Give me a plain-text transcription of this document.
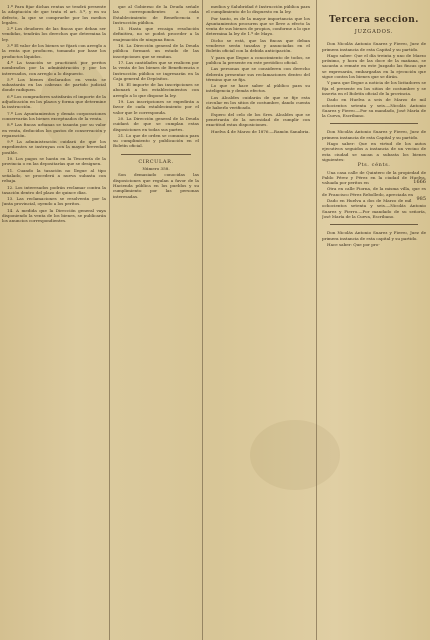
1.ª Para fijar dichas rentas se tendrá presente la adaptación de que trata el art. 5.º, y en su defecto, la que se compruebe por los medios legales.

2.ª Los deudores de las fincas que deban ser vendidas, tendrán los derechos que determina la ley.

3.ª El valor de los bienes se fijará con arreglo a la renta que producen, tomando por base los productos líquidos.

4.ª La tasación se practicará por peritos nombrados por la administración y por los interesados, con arreglo a lo dispuesto.

5.ª Los bienes declarados en venta se subastarán en las cabezas de partido judicial donde radiquen.

6.ª Los compradores satisfarán el importe de la adjudicación en los plazos y forma que determine la instrucción.

7.ª Los Ayuntamientos y demás corporaciones conservarán los bienes exceptuados de la venta.

8.ª Las fincas urbanas se tasarán por su valor en venta, deducidos los gastos de conservación y reparación.

9.ª La administración cuidará de que los expedientes se instruyan con la mayor brevedad posible.

10. Los pagos se harán en la Tesorería de la provincia o en las depositarías que se designen.

11. Cuando la tasación no llegue al tipo señalado, se procederá a nueva subasta con rebaja.

12. Los interesados podrán reclamar contra la tasación dentro del plazo de quince días.

13. Las reclamaciones se resolverán por la Junta provincial, oyendo a los peritos.

14. A medida que la Dirección general vaya disponiendo la venta de los bienes, se publicarán los anuncios correspondientes.

que al Gobierno de la Deuda señale las correspondientes a cada Establecimiento de Beneficencia e Instrucción pública.

15. Hasta que recaiga resolución definitiva, no se podrá proceder a la enajenación de ninguna finca.

16. La Dirección general de la Deuda pública formará un estado de las inscripciones que se emitan.

17. Las cantidades que se realicen por la venta de los bienes de Beneficencia e Instrucción pública se ingresarán en la Caja general de Depósitos.

18. El importe de las inscripciones se abonará a los establecimientos con arreglo a lo que dispone la ley.

19. Las inscripciones se expedirán a favor de cada establecimiento por el valor que le corresponda.

20. La Dirección general de la Deuda cuidará de que se cumplan estas disposiciones en todas sus partes.

21. Lo que de orden se comunica para su cumplimiento y publicación en el Boletín oficial.

CIRCULAR.

Número 358.

Son demasiado conocidas las disposiciones que regulan a favor de la Hacienda pública en los pueblos y su cumplimiento por las personas interesadas.

medios y Salubridad é Instrucción pública para el cumplimiento de lo dispuesto en la ley.

Por tanto, es de la mayor importancia que los Ayuntamientos procuren que se lleve a efecto la venta de sus bienes de propios, conforme a lo que determina la ley de 1.º de Mayo.

Dicho se está, que las fincas que deban venderse serán tasadas y anunciadas en el Boletín oficial con la debida anticipación.

Y para que llegue a conocimiento de todos, se publica la presente en este periódico oficial.

Las personas que se consideren con derecho deberán presentar sus reclamaciones dentro del término que se fija.

Lo que se hace saber al público para su inteligencia y demás efectos.

Los Alcaldes cuidarán de que se fije esta circular en los sitios de costumbre, dando cuenta de haberlo verificado.

Espero del celo de los Sres. Alcaldes que se penetrarán de la necesidad de cumplir con exactitud estas disposiciones.

Huelva 4 de Marzo de 1876.—Ramón Sanabria.

Tercera seccion.
JUZGADOS.

Don Nicolás Antonio Suarez y Fierro, Juez de primera instancia de esta Capital y su partido.

Hago saber: Que el día treinta y uno de Marzo próximo, y hora de las doce de la mañana, se sacarán a remate en este Juzgado las fincas que se expresarán, embargadas en la ejecución que sigue contra los bienes que se dirán.

Y para que llegue a noticia de los licitadores se fija el presente en los sitios de costumbre y se inserta en el Boletín oficial de la provincia.

Dado en Huelva a seis de Marzo de mil ochocientos setenta y seis.—Nicolás Antonio Suarez y Fierro.—Por su mandado, José María de la Cueva, Escribano.

Don Nicolás Antonio Suarez y Fierro, Juez de primera instancia de esta Capital y su partido.

Hago saber: Que en virtud de los autos ejecutivos seguidos a instancia de un vecino de esta ciudad se sacan a subasta los bienes siguientes:

Pts. cénts.

Una casa calle de Quintero de la propiedad de Pablo Pérez y Pérez en la ciudad de Huelva, valuada por peritos en	1666

Otra en calle Fiorna, de la misma villa, que es de Francisco Pérez Rebolledo, apreciada en
985

Dado en Huelva a dos de Marzo de mil ochocientos setenta y seis.—Nicolás Antonio Suarez y Fierro.—Por mandado de su señoría, José María de la Cueva, Escribano.

Don Nicolás Antonio Suarez y Fierro, Juez de primera instancia de esta capital y su partido.

Hace saber: Que por pro-
